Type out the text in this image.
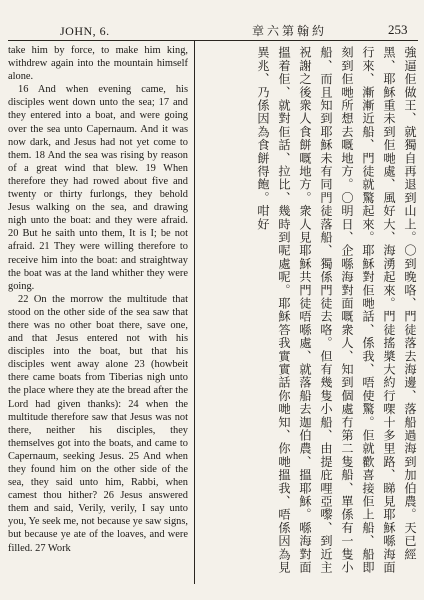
JOHN, 6.	章六第翰約	253

take him by force, to make him king, withdrew again into the mountain himself alone.

16 And when evening came, his disciples went down unto the sea; 17 and they entered into a boat, and were going over the sea unto Capernaum. And it was now dark, and Jesus had not yet come to them. 18 And the sea was rising by reason of a great wind that blew. 19 When therefore they had rowed about five and twenty or thirty furlongs, they behold Jesus walking on the sea, and drawing nigh unto the boat: and they were afraid. 20 But he saith unto them, It is I; be not afraid. 21 They were willing therefore to receive him into the boat: and straightway the boat was at the land whither they were going.

22 On the morrow the multitude that stood on the other side of the sea saw that there was no other boat there, save one, and that Jesus entered not with his disciples into the boat, but that his disciples went away alone 23 (howbeit there came boats from Tiberias nigh unto the place where they ate the bread after the Lord had given thanks): 24 when the multitude therefore saw that Jesus was not there, neither his disciples, they themselves got into the boats, and came to Capernaum, seeking Jesus. 25 And when they found him on the other side of the sea, they said unto him, Rabbi, when camest thou hither? 26 Jesus answered them and said, Verily, verily, I say unto you, Ye seek me, not because ye saw signs, but because ye ate of the loaves, and were filled. 27 Work	強逼佢做王、就獨自再退到山上。〇到晚咯、門徒落去海邊、落船過海到加伯農。天已經黑、耶穌重未到佢哋處、風好大、海湧起來。門徒搖槳大約行㗎十多里路、睇見耶穌喺海面行來、漸漸近船、門徒就驚起來。耶穌對佢哋話、係我、唔使驚。佢就歡喜接佢上船、船即刻到佢哋所想去嘅地方。〇明日、企喺海對面嘅衆人、知到個處冇第二隻船、單係有一隻小船、而且知到耶穌未有同門徒落船、獨係門徒去咯。但有幾隻小船、由提庇哩亞嚟、到近主祝謝之後衆人食餅嘅地方。衆人見耶穌共門徒唔喺處、就落船去迦伯農、搵耶穌。喺海對面搵着佢、就對佢話、拉比、幾時到呢處呢。耶穌答我實實話你哋知、你哋搵我、唔係因為見異兆、乃係因為食餅得飽。咁好
